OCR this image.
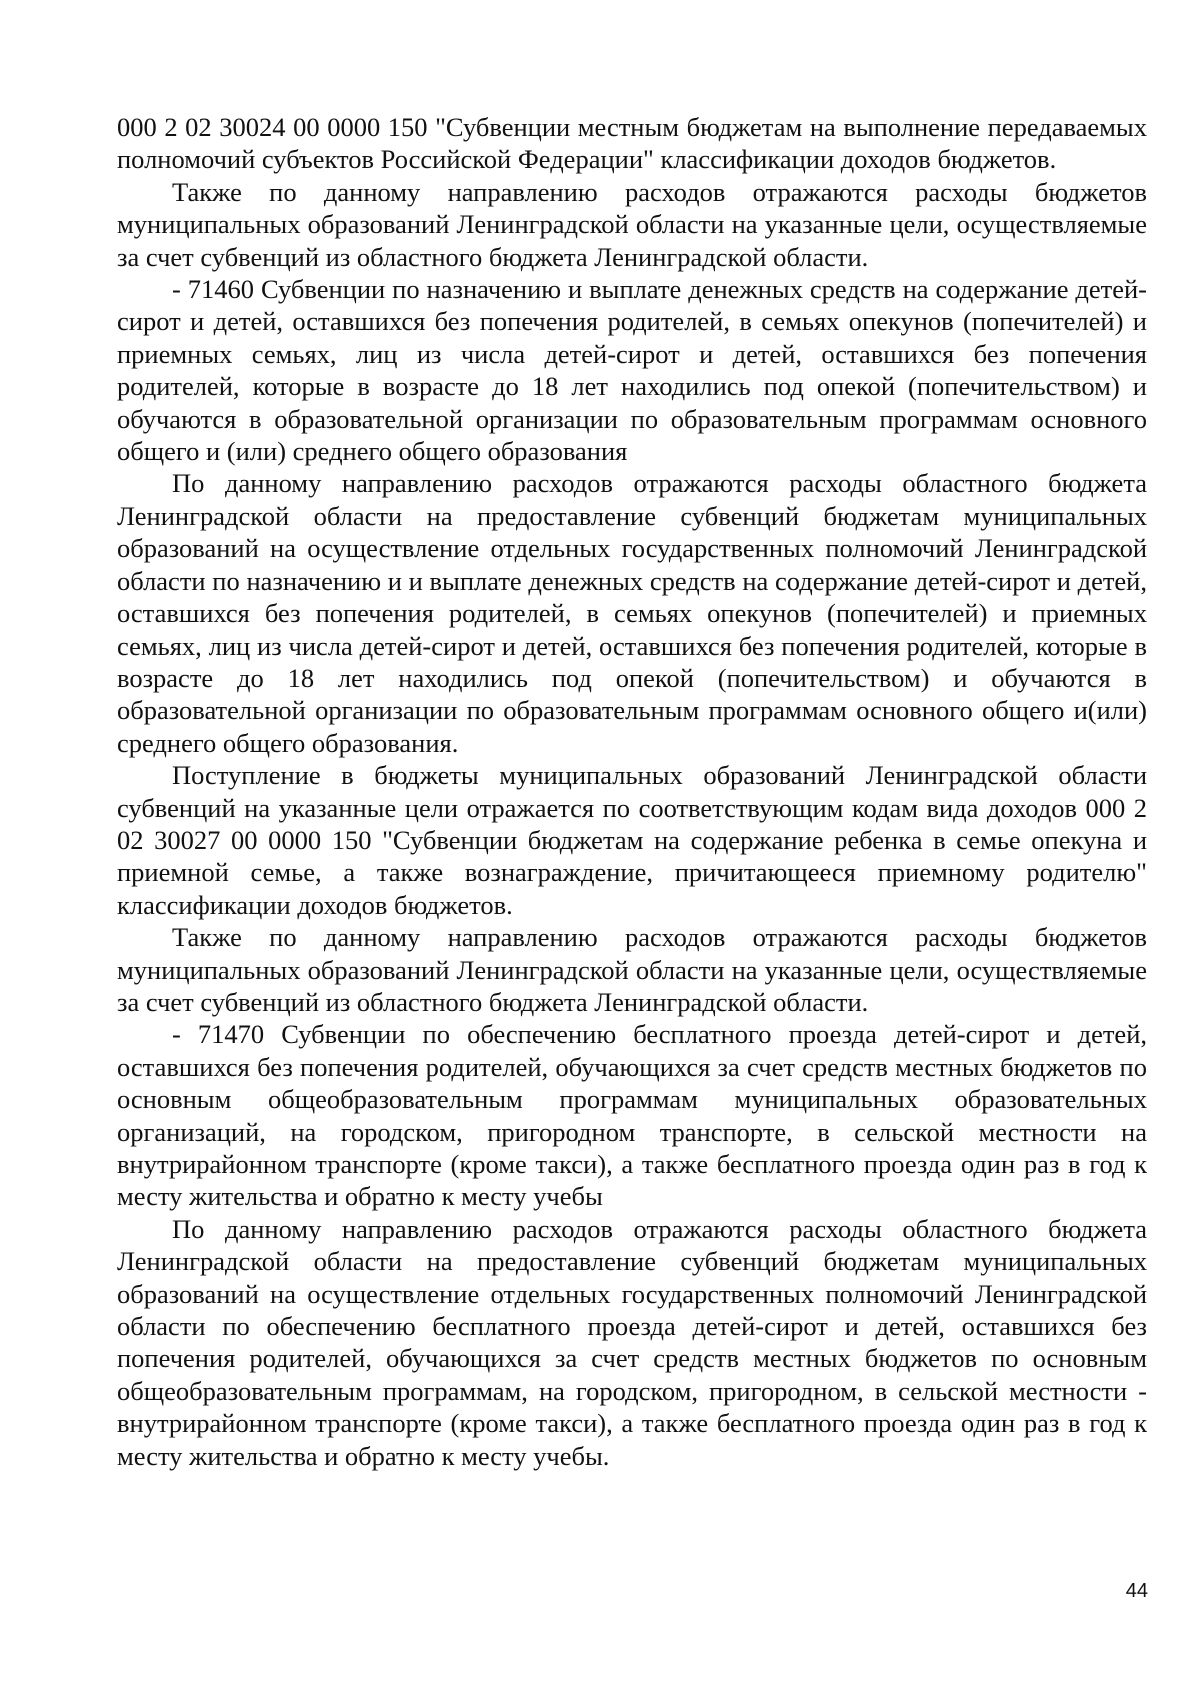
000 2 02 30024 00 0000 150 "Субвенции местным бюджетам на выполнение передаваемых полномочий субъектов Российской Федерации" классификации доходов бюджетов.

Также по данному направлению расходов отражаются расходы бюджетов муниципальных образований Ленинградской области на указанные цели, осуществляемые за счет субвенций из областного бюджета Ленинградской области.

- 71460 Субвенции по назначению и выплате денежных средств на содержание детей-сирот и детей, оставшихся без попечения родителей, в семьях опекунов (попечителей) и приемных семьях, лиц из числа детей-сирот и детей, оставшихся без попечения родителей, которые в возрасте до 18 лет находились под опекой (попечительством) и обучаются в образовательной организации по образовательным программам основного общего и (или) среднего общего образования

По данному направлению расходов отражаются расходы областного бюджета Ленинградской области на предоставление субвенций бюджетам муниципальных образований на осуществление отдельных государственных полномочий Ленинградской области по назначению и и выплате денежных средств на содержание детей-сирот и детей, оставшихся без попечения родителей, в семьях опекунов (попечителей) и приемных семьях, лиц из числа детей-сирот и детей, оставшихся без попечения родителей, которые в возрасте до 18 лет находились под опекой (попечительством) и обучаются в образовательной организации по образовательным программам основного общего и(или) среднего общего образования.

Поступление в бюджеты муниципальных образований Ленинградской области субвенций на указанные цели отражается по соответствующим кодам вида доходов 000 2 02 30027 00 0000 150 "Субвенции бюджетам на содержание ребенка в семье опекуна и приемной семье, а также вознаграждение, причитающееся приемному родителю" классификации доходов бюджетов.

Также по данному направлению расходов отражаются расходы бюджетов муниципальных образований Ленинградской области на указанные цели, осуществляемые за счет субвенций из областного бюджета Ленинградской области.

- 71470 Субвенции по обеспечению бесплатного проезда детей-сирот и детей, оставшихся без попечения родителей, обучающихся за счет средств местных бюджетов по основным общеобразовательным программам муниципальных образовательных организаций, на городском, пригородном транспорте, в сельской местности на внутрирайонном транспорте (кроме такси), а также бесплатного проезда один раз в год к месту жительства и обратно к месту учебы

По данному направлению расходов отражаются расходы областного бюджета Ленинградской области на предоставление субвенций бюджетам муниципальных образований на осуществление отдельных государственных полномочий Ленинградской области по обеспечению бесплатного проезда детей-сирот и детей, оставшихся без попечения родителей, обучающихся за счет средств местных бюджетов по основным общеобразовательным программам, на городском, пригородном, в сельской местности - внутрирайонном транспорте (кроме такси), а также бесплатного проезда один раз в год к месту жительства и обратно к месту учебы.

44
